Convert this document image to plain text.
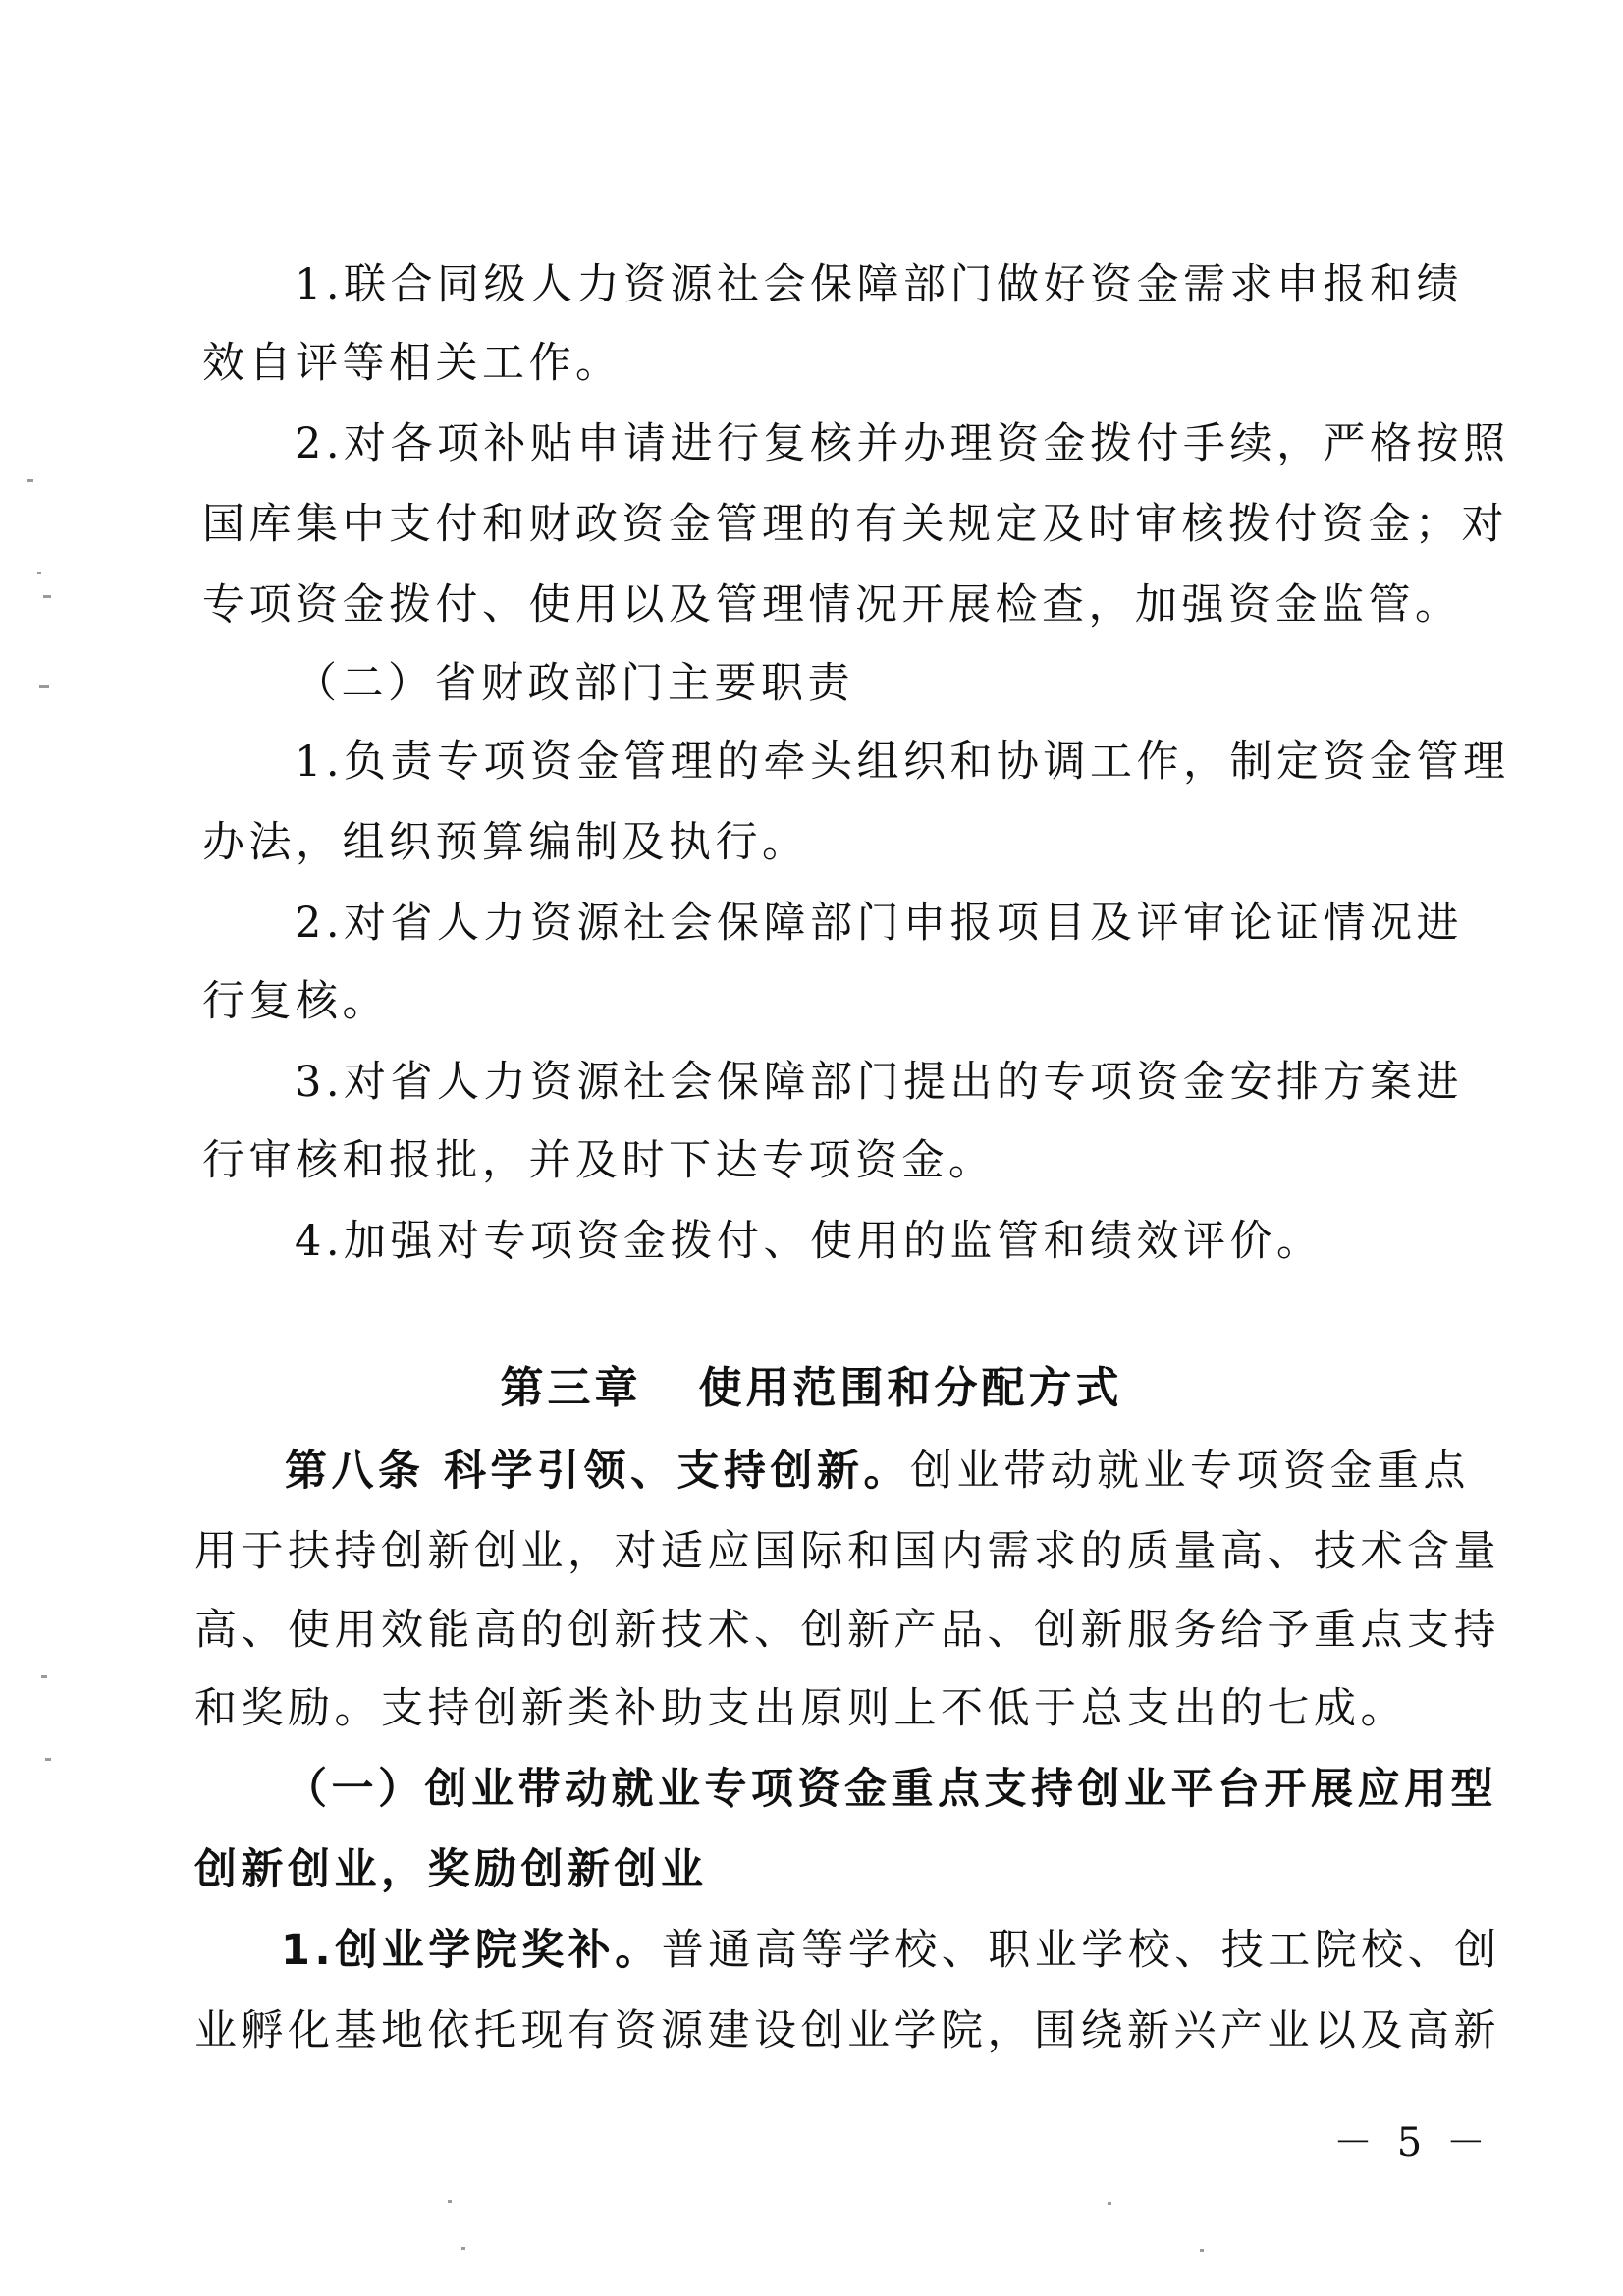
1.联合同级人力资源社会保障部门做好资金需求申报和绩
效自评等相关工作。
2.对各项补贴申请进行复核并办理资金拨付手续，严格按照
国库集中支付和财政资金管理的有关规定及时审核拨付资金；对
专项资金拨付、使用以及管理情况开展检查，加强资金监管。
（二）省财政部门主要职责
1.负责专项资金管理的牵头组织和协调工作，制定资金管理
办法，组织预算编制及执行。
2.对省人力资源社会保障部门申报项目及评审论证情况进
行复核。
3.对省人力资源社会保障部门提出的专项资金安排方案进
行审核和报批，并及时下达专项资金。
4.加强对专项资金拨付、使用的监管和绩效评价。
第三章   使用范围和分配方式
第八条 科学引领、支持创新。创业带动就业专项资金重点
用于扶持创新创业，对适应国际和国内需求的质量高、技术含量
高、使用效能高的创新技术、创新产品、创新服务给予重点支持
和奖励。支持创新类补助支出原则上不低于总支出的七成。
（一）创业带动就业专项资金重点支持创业平台开展应用型
创新创业，奖励创新创业
1.创业学院奖补。普通高等学校、职业学校、技工院校、创
业孵化基地依托现有资源建设创业学院，围绕新兴产业以及高新
－ 5 －
